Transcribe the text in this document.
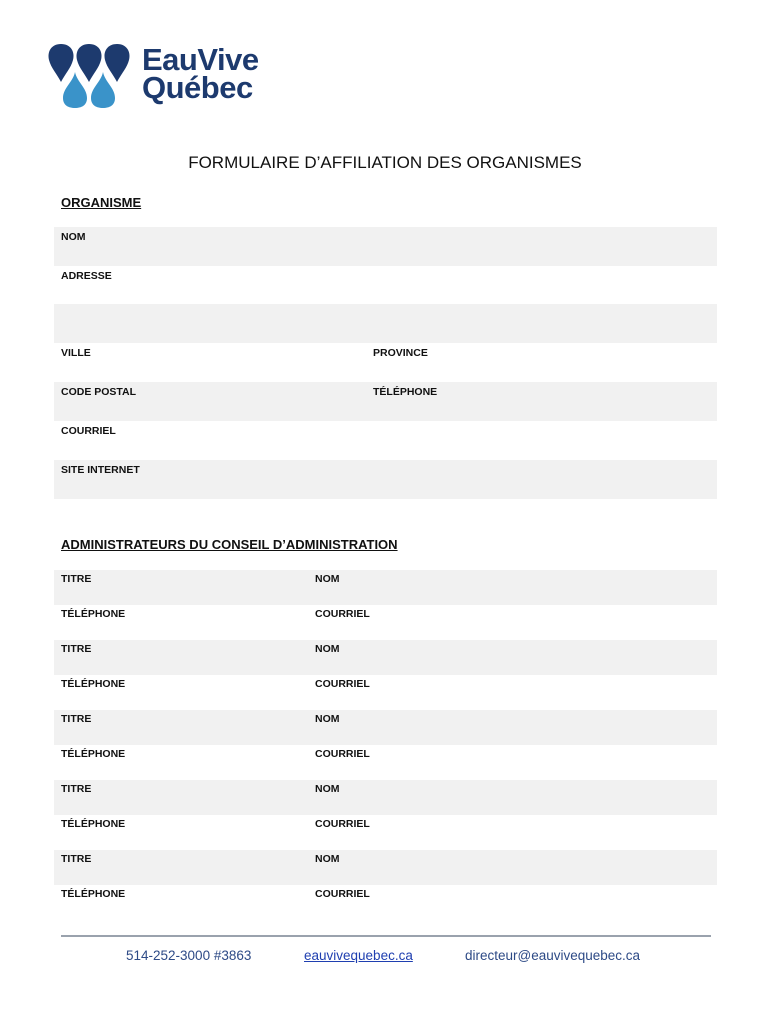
EauVive
Québec
FORMULAIRE D’AFFILIATION DES ORGANISMES
ORGANISME
NOM
ADRESSE
VILLE	PROVINCE
CODE POSTAL	TÉLÉPHONE
COURRIEL
SITE INTERNET
ADMINISTRATEURS DU CONSEIL D’ADMINISTRATION
TITRE	NOM
TÉLÉPHONE	COURRIEL
TITRE	NOM
TÉLÉPHONE	COURRIEL
TITRE	NOM
TÉLÉPHONE	COURRIEL
TITRE	NOM
TÉLÉPHONE	COURRIEL
TITRE	NOM
TÉLÉPHONE	COURRIEL
514-252-3000 #3863	eauvivequebec.ca	directeur@eauvivequebec.ca
